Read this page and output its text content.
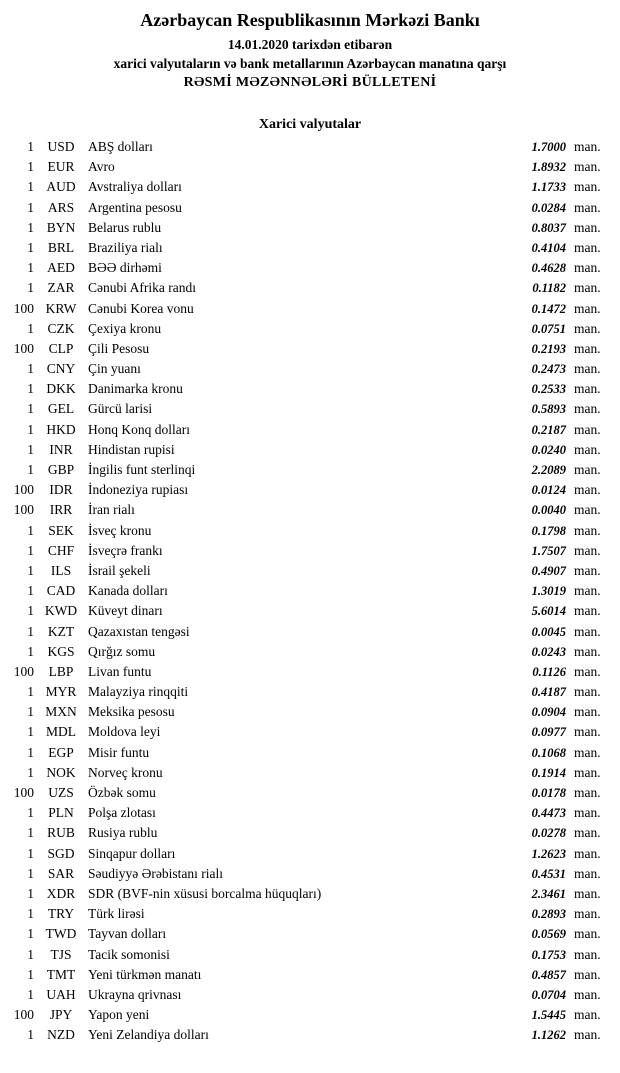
Azərbaycan Respublikasının Mərkəzi Bankı
14.01.2020 tarixdən etibarən
xarici valyutaların və bank metallarının Azərbaycan manatına qarşı
RƏSMİ MƏZƏNNƏLƏRİ BÜLLETENİ
Xarici valyutalar
1 USD	ABŞ dolları	1.7000 man.
1	EUR	Avro	1.8932 man.
1 AUD Avstraliya dolları	1.1733 man.
1	ARS	Argentina pesosu	0.0284 man.
1 BYN Belarus rublu	0.8037 man.
1	BRL	Braziliya rialı	0.4104 man.
1 AED BƏƏ dirhəmi	0.4628 man.
1	ZAR	Cənubi Afrika randı	0.1182 man.
100 KRW Cənubi Korea vonu	0.1472 man.
1	CZK	Çexiya kronu	0.0751 man.
100	CLP	Çili Pesosu	0.2193 man.
1 CNY Çin yuanı	0.2473 man.
1 DKK Danimarka kronu	0.2533 man.
1	GEL	Gürcü larisi	0.5893 man.
1 HKD Honq Konq dolları	0.2187 man.
1	INR	Hindistan rupisi	0.0240 man.
1	GBP	İngilis funt sterlinqi	2.2089 man.
100	IDR	İndoneziya rupiası	0.0124 man.
100	IRR	İran rialı	0.0040 man.
1	SEK	İsveç kronu	0.1798 man.
1	CHF	İsveçrə frankı	1.7507 man.
1	ILS	İsrail şekeli	0.4907 man.
1 CAD Kanada dolları	1.3019 man.
1 KWD Küveyt dinarı	5.6014 man.
1	KZT	Qazaxıstan tengəsi	0.0045 man.
1 KGS	Qırğız somu	0.0243 man.
100	LBP	Livan funtu	0.1126 man.
1 MYR Malayziya rinqqiti	0.4187 man.
1 MXN Meksika pesosu	0.0904 man.
1 MDL Moldova leyi	0.0977 man.
1	EGP	Misir funtu	0.1068 man.
1 NOK Norveç kronu	0.1914 man.
100	UZS	Özbək somu	0.0178 man.
1	PLN	Polşa zlotası	0.4473 man.
1 RUB Rusiya rublu	0.0278 man.
1 SGD	Sinqapur dolları	1.2623 man.
1	SAR	Səudiyyə Ərəbistanı rialı	0.4531 man.
1 XDR SDR (BVF-nin xüsusi borcalma hüquqları)	2.3461 man.
1	TRY	Türk lirəsi	0.2893 man.
1 TWD Tayvan dolları	0.0569 man.
1	TJS	Tacik somonisi	0.1753 man.
1 TMT Yeni türkmən manatı	0.4857 man.
1 UAH Ukrayna qrivnası	0.0704 man.
100	JPY	Yapon yeni	1.5445 man.
1 NZD Yeni Zelandiya dolları	1.1262 man.
